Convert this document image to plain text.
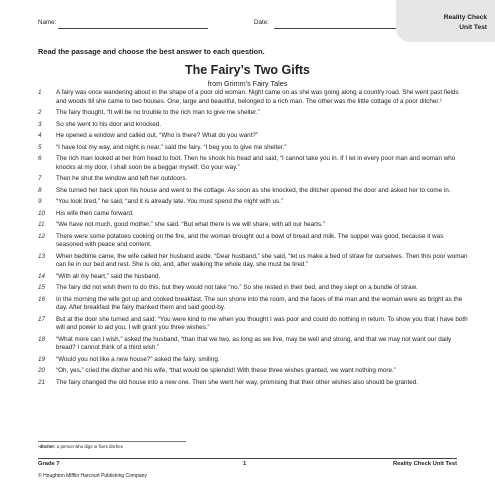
Name:	Date:
Reality Check
Unit Test
Read the passage and choose the best answer to each question.
The Fairy’s Two Gifts
from Grimm’s Fairy Tales
1 A fairy was once wandering about in the shape of a poor old woman. Night came on as she was going along a country road. She went past fields and woods till she came to two houses. One, large and beautiful, belonged to a rich man. The other was the little cottage of a poor ditcher.¹
2 The fairy thought, “It will be no trouble to the rich man to give me shelter.”
3 So she went to his door and knocked.
4 He opened a window and called out, “Who is there? What do you want?”
5 “I have lost my way, and night is near,” said the fairy. “I beg you to give me shelter.”
6 The rich man looked at her from head to foot. Then he shook his head and said, “I cannot take you in. If I let in every poor man and woman who knocks at my door, I shall soon be a beggar myself. Go your way.”
7 Then he shut the window and left her outdoors.
8 She turned her back upon his house and went to the cottage. As soon as she knocked, the ditcher opened the door and asked her to come in.
9 “You look tired,” he said, “and it is already late. You must spend the night with us.”
10 His wife then came forward.
11 “We have not much, good mother,” she said. “But what there is we will share, with all our hearts.”
12 There were some potatoes cooking on the fire, and the woman brought out a bowl of bread and milk. The supper was good, because it was seasoned with peace and content.
13 When bedtime came, the wife called her husband aside. “Dear husband,” she said, “let us make a bed of straw for ourselves. Then this poor woman can lie in our bed and rest. She is old, and, after walking the whole day, she must be tired.”
14 “With all my heart,” said the husband.
15 The fairy did not wish them to do this, but they would not take “no.” So she rested in their bed, and they slept on a bundle of straw.
16 In the morning the wife got up and cooked breakfast. The sun shone into the room, and the faces of the man and the woman were as bright as the day. After breakfast the fairy thanked them and said good-by.
17 But at the door she turned and said: “You were kind to me when you thought I was poor and could do nothing in return. To show you that I have both will and power to aid you, I will grant you three wishes.”
18 “What more can I wish,” asked the husband, “than that we two, as long as we live, may be well and strong, and that we may not want our daily bread? I cannot think of a third wish.”
19 “Would you not like a new house?” asked the fairy, smiling.
20 “Oh, yes,” cried the ditcher and his wife, “that would be splendid! With these three wishes granted, we want nothing more.”
21 The fairy changed the old house into a new one. Then she went her way, promising that their other wishes also should be granted.
¹ditcher: a person who digs or fixes ditches
Grade 7	1	Reality Check Unit Test
© Houghton Mifflin Harcourt Publishing Company
